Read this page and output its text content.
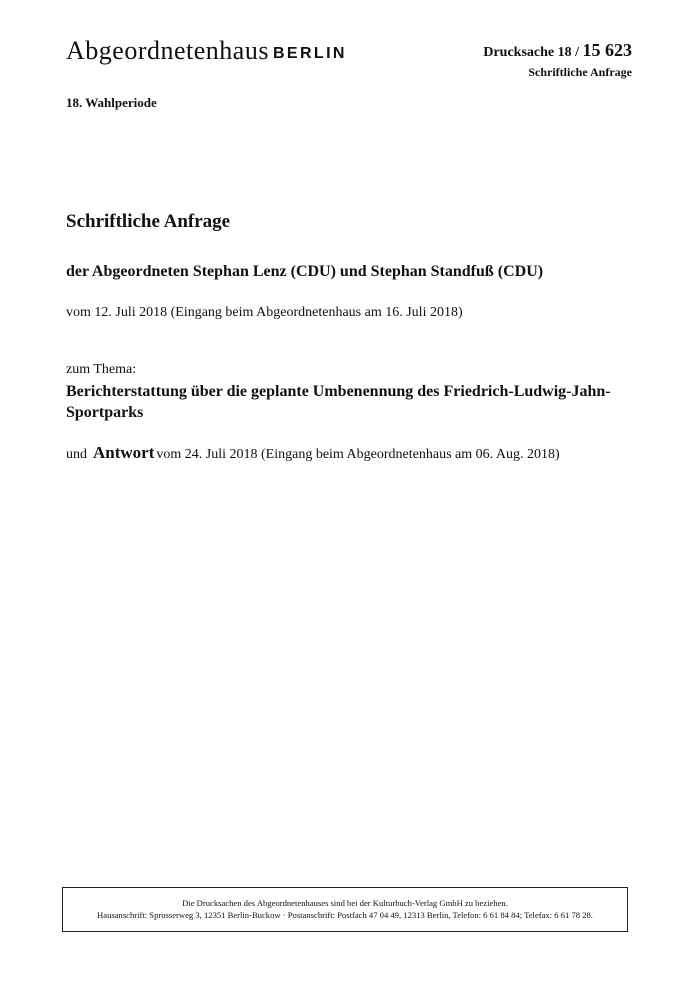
Abgeordnetenhaus BERLIN	Drucksache 18 / 15 623
Schriftliche Anfrage
18. Wahlperiode
Schriftliche Anfrage
der Abgeordneten Stephan Lenz (CDU) und Stephan Standfuß (CDU)
vom 12. Juli 2018 (Eingang beim Abgeordnetenhaus am 16. Juli 2018)
zum Thema:
Berichterstattung über die geplante Umbenennung des Friedrich-Ludwig-Jahn-Sportparks
und Antwort vom 24. Juli 2018 (Eingang beim Abgeordnetenhaus am 06. Aug. 2018)
Die Drucksachen des Abgeordnetenhauses sind bei der Kulturbuch-Verlag GmbH zu beziehen.
Hausanschrift: Sprosserweg 3, 12351 Berlin-Buckow · Postanschrift: Postfach 47 04 49, 12313 Berlin, Telefon: 6 61 84 84; Telefax: 6 61 78 28.
